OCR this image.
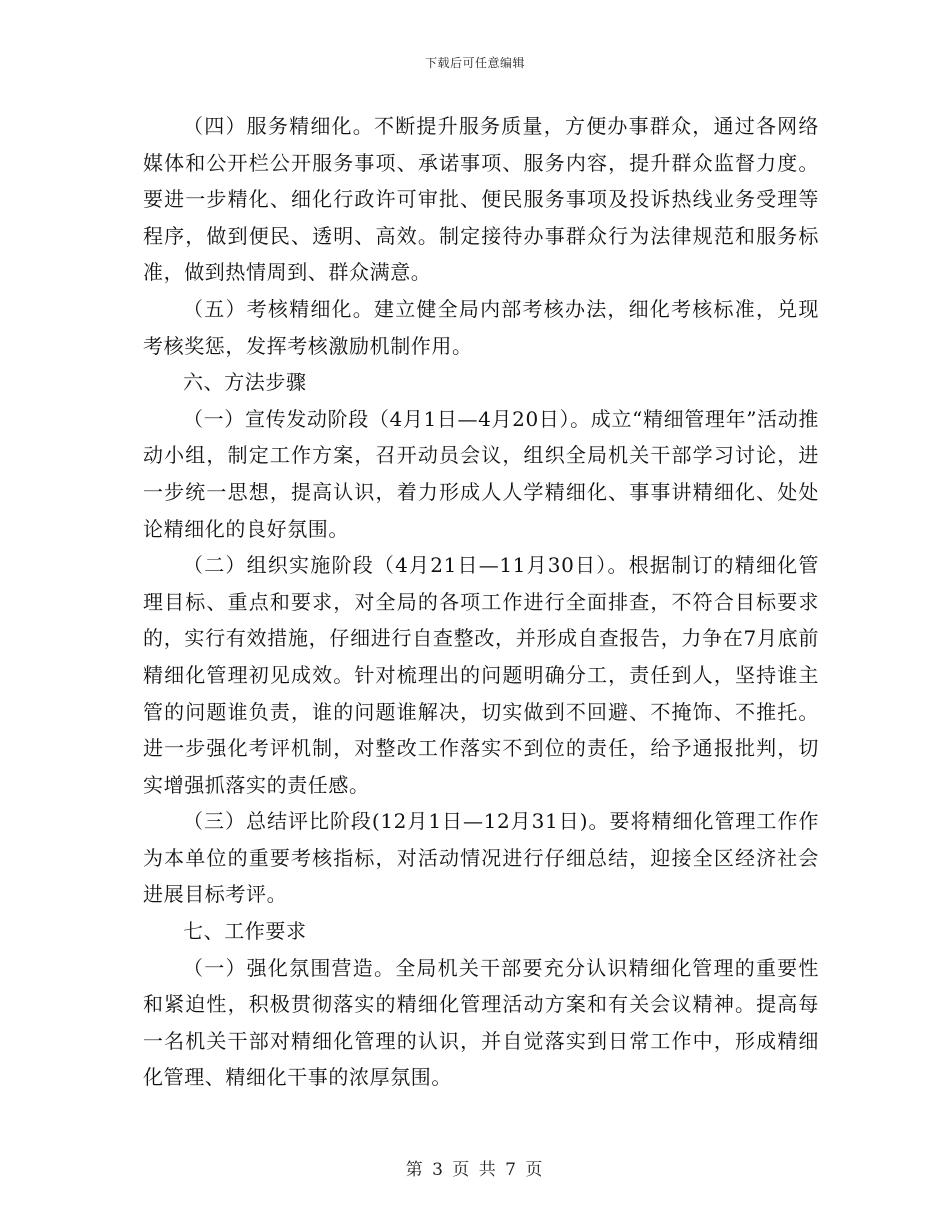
下载后可任意编辑

（四）服务精细化。不断提升服务质量，方便办事群众，通过各网络媒体和公开栏公开服务事项、承诺事项、服务内容，提升群众监督力度。要进一步精化、细化行政许可审批、便民服务事项及投诉热线业务受理等程序，做到便民、透明、高效。制定接待办事群众行为法律规范和服务标准，做到热情周到、群众满意。

（五）考核精细化。建立健全局内部考核办法，细化考核标准，兑现考核奖惩，发挥考核激励机制作用。

六、方法步骤

（一）宣传发动阶段（4月1日—4月20日）。成立“精细管理年”活动推动小组，制定工作方案，召开动员会议，组织全局机关干部学习讨论，进一步统一思想，提高认识，着力形成人人学精细化、事事讲精细化、处处论精细化的良好氛围。

（二）组织实施阶段（4月21日—11月30日）。根据制订的精细化管理目标、重点和要求，对全局的各项工作进行全面排查，不符合目标要求的，实行有效措施，仔细进行自查整改，并形成自查报告，力争在7月底前精细化管理初见成效。针对梳理出的问题明确分工，责任到人，坚持谁主管的问题谁负责，谁的问题谁解决，切实做到不回避、不掩饰、不推托。进一步强化考评机制，对整改工作落实不到位的责任，给予通报批判，切实增强抓落实的责任感。

（三）总结评比阶段(12月1日—12月31日)。要将精细化管理工作作为本单位的重要考核指标，对活动情况进行仔细总结，迎接全区经济社会进展目标考评。

七、工作要求

（一）强化氛围营造。全局机关干部要充分认识精细化管理的重要性和紧迫性，积极贯彻落实的精细化管理活动方案和有关会议精神。提高每一名机关干部对精细化管理的认识，并自觉落实到日常工作中，形成精细化管理、精细化干事的浓厚氛围。

第 3 页 共 7 页
